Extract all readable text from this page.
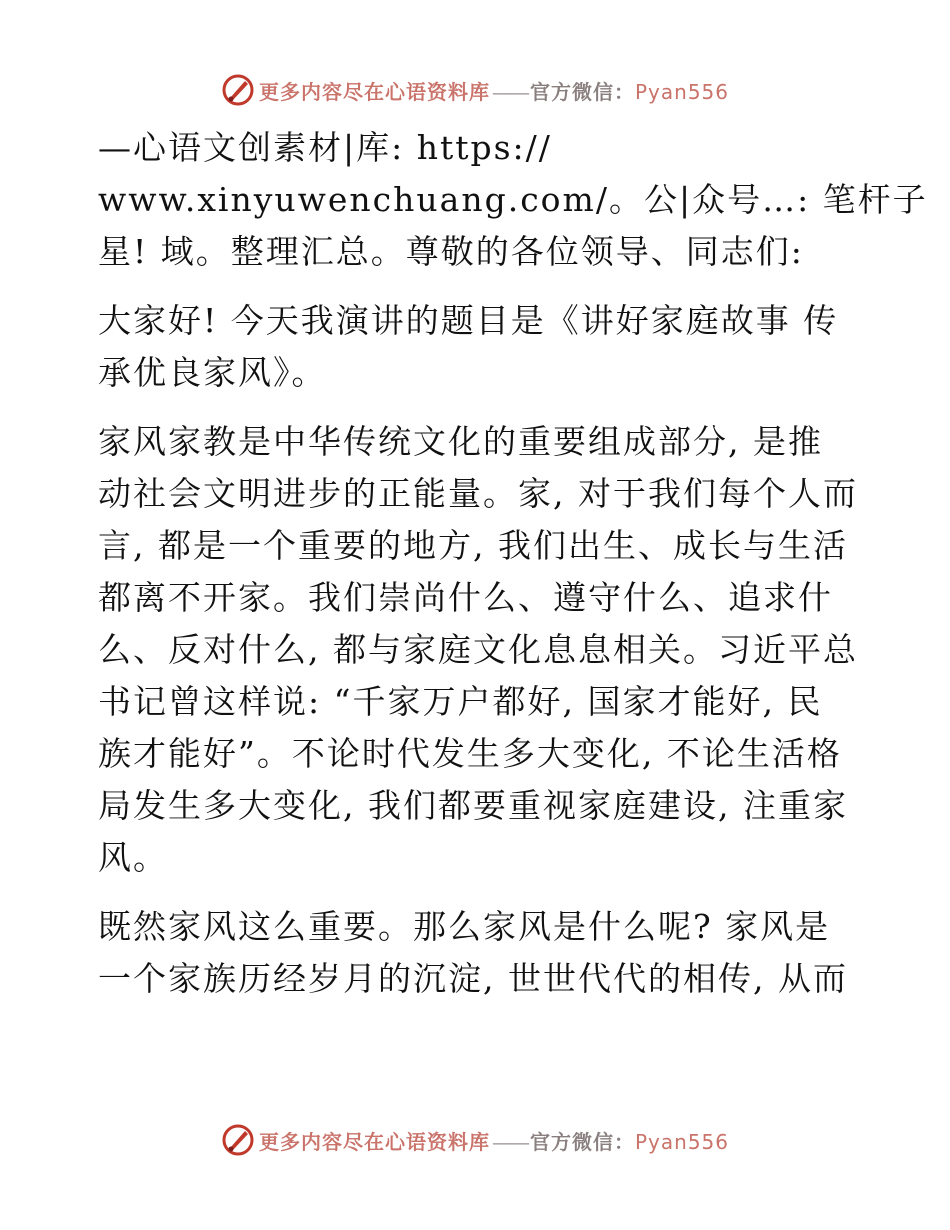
更多内容尽在心语资料库 —— 官方微信：Pyan556

—心语文创素材|库: https://
www.xinyuwenchuang.com/。公|众号…: 笔杆子
星! 域。整理汇总。尊敬的各位领导、同志们:

大家好! 今天我演讲的题目是《讲好家庭故事 传
承优良家风》。

家风家教是中华传统文化的重要组成部分, 是推
动社会文明进步的正能量。家, 对于我们每个人而
言, 都是一个重要的地方, 我们出生、成长与生活
都离不开家。我们崇尚什么、遵守什么、追求什
么、反对什么, 都与家庭文化息息相关。习近平总
书记曾这样说: “千家万户都好, 国家才能好, 民
族才能好”。不论时代发生多大变化, 不论生活格
局发生多大变化, 我们都要重视家庭建设, 注重家
风。

既然家风这么重要。那么家风是什么呢? 家风是
一个家族历经岁月的沉淀, 世世代代的相传, 从而

更多内容尽在心语资料库 —— 官方微信：Pyan556
